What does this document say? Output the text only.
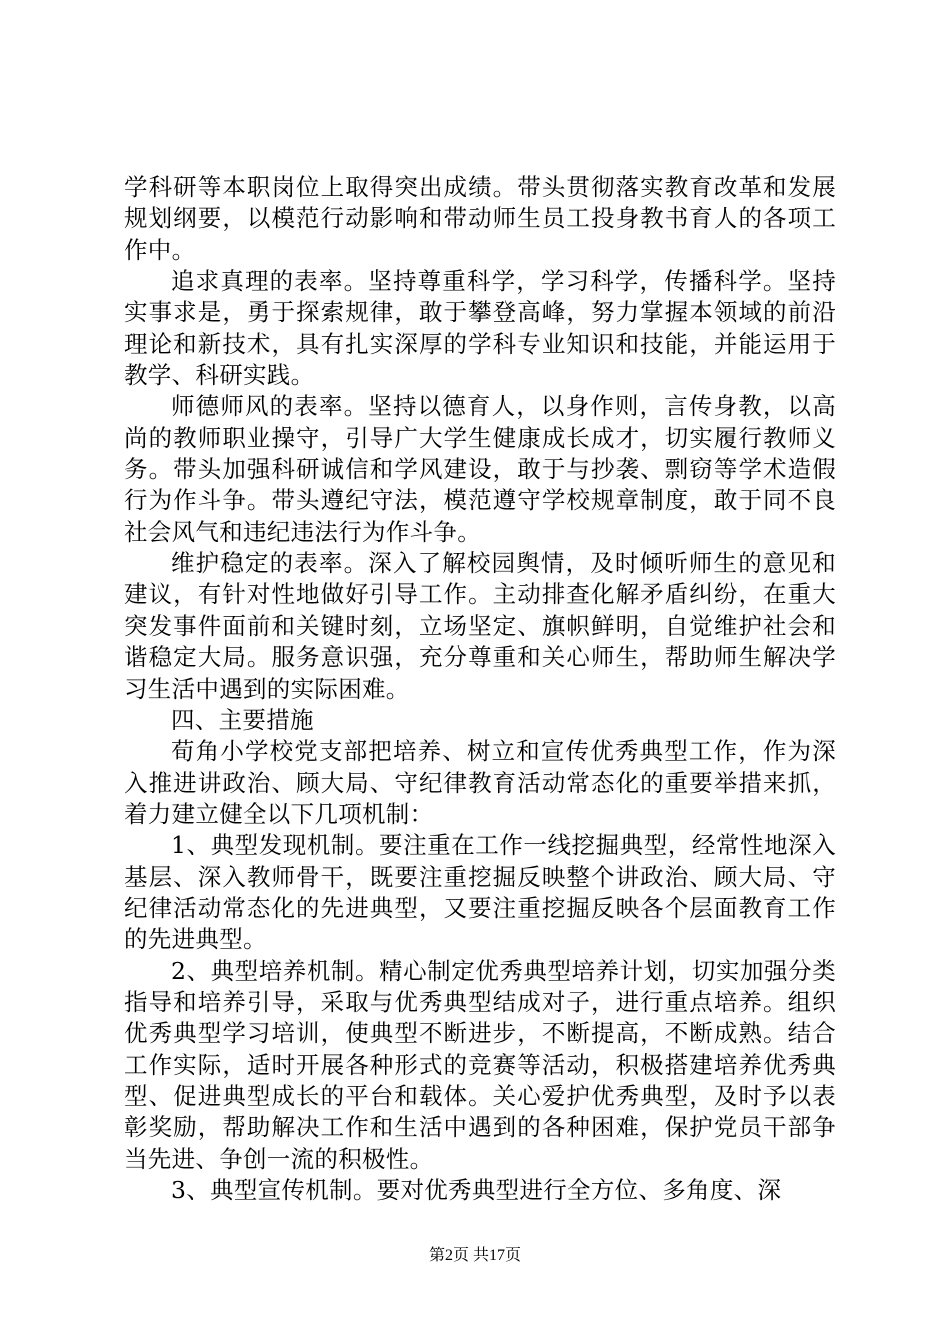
学科研等本职岗位上取得突出成绩。带头贯彻落实教育改革和发展规划纲要，以模范行动影响和带动师生员工投身教书育人的各项工作中。

追求真理的表率。坚持尊重科学，学习科学，传播科学。坚持实事求是，勇于探索规律，敢于攀登高峰，努力掌握本领域的前沿理论和新技术，具有扎实深厚的学科专业知识和技能，并能运用于教学、科研实践。

师德师风的表率。坚持以德育人，以身作则，言传身教，以高尚的教师职业操守，引导广大学生健康成长成才，切实履行教师义务。带头加强科研诚信和学风建设，敢于与抄袭、剽窃等学术造假行为作斗争。带头遵纪守法，模范遵守学校规章制度，敢于同不良社会风气和违纪违法行为作斗争。

维护稳定的表率。深入了解校园舆情，及时倾听师生的意见和建议，有针对性地做好引导工作。主动排查化解矛盾纠纷，在重大突发事件面前和关键时刻，立场坚定、旗帜鲜明，自觉维护社会和谐稳定大局。服务意识强，充分尊重和关心师生，帮助师生解决学习生活中遇到的实际困难。

四、主要措施

荀角小学校党支部把培养、树立和宣传优秀典型工作，作为深入推进讲政治、顾大局、守纪律教育活动常态化的重要举措来抓，着力建立健全以下几项机制：

1、典型发现机制。要注重在工作一线挖掘典型，经常性地深入基层、深入教师骨干，既要注重挖掘反映整个讲政治、顾大局、守纪律活动常态化的先进典型，又要注重挖掘反映各个层面教育工作的先进典型。

2、典型培养机制。精心制定优秀典型培养计划，切实加强分类指导和培养引导，采取与优秀典型结成对子，进行重点培养。组织优秀典型学习培训，使典型不断进步，不断提高，不断成熟。结合工作实际，适时开展各种形式的竞赛等活动，积极搭建培养优秀典型、促进典型成长的平台和载体。关心爱护优秀典型，及时予以表彰奖励，帮助解决工作和生活中遇到的各种困难，保护党员干部争当先进、争创一流的积极性。

3、典型宣传机制。要对优秀典型进行全方位、多角度、深

第2页 共17页
